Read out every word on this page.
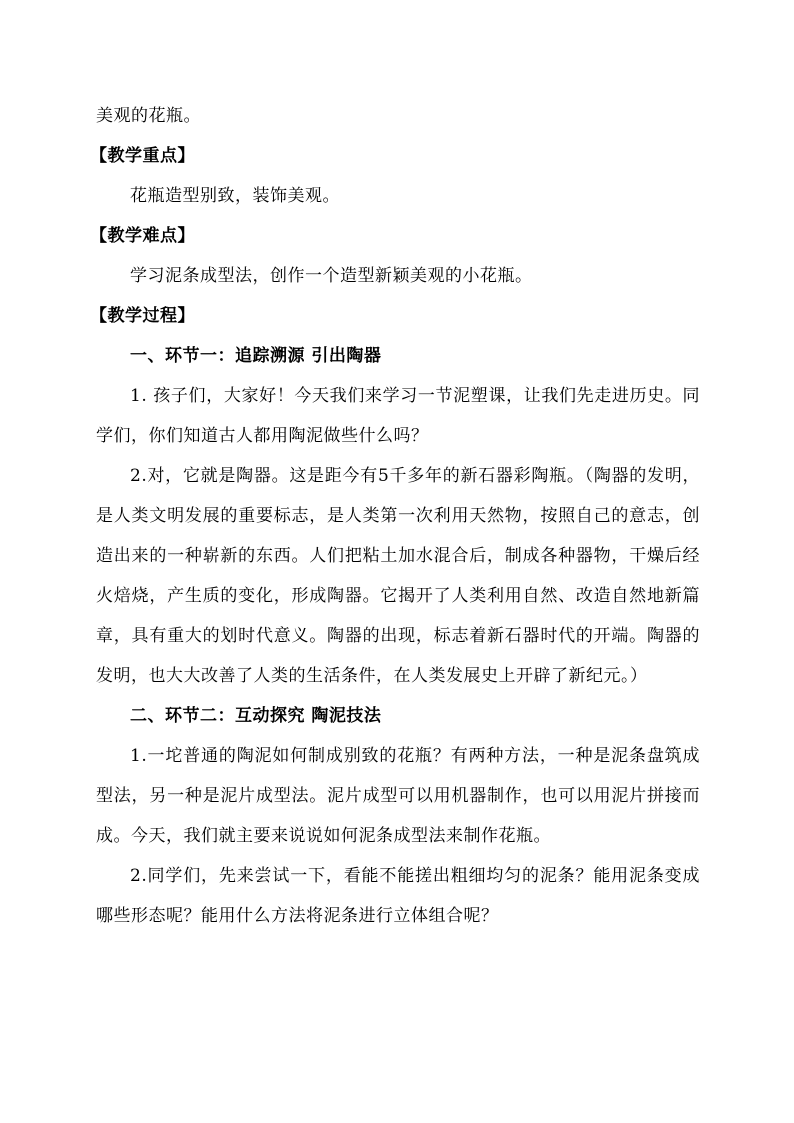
美观的花瓶。

【教学重点】

花瓶造型别致，装饰美观。

【教学难点】

学习泥条成型法，创作一个造型新颖美观的小花瓶。

【教学过程】

一、环节一：追踪溯源 引出陶器

1. 孩子们，大家好！今天我们来学习一节泥塑课，让我们先走进历史。同学们，你们知道古人都用陶泥做些什么吗？

2.对，它就是陶器。这是距今有5千多年的新石器彩陶瓶。（陶器的发明，是人类文明发展的重要标志，是人类第一次利用天然物，按照自己的意志，创造出来的一种崭新的东西。人们把粘土加水混合后，制成各种器物，干燥后经火焙烧，产生质的变化，形成陶器。它揭开了人类利用自然、改造自然地新篇章，具有重大的划时代意义。陶器的出现，标志着新石器时代的开端。陶器的发明，也大大改善了人类的生活条件，在人类发展史上开辟了新纪元。）

二、环节二：互动探究 陶泥技法

1.一坨普通的陶泥如何制成别致的花瓶？有两种方法，一种是泥条盘筑成型法，另一种是泥片成型法。泥片成型可以用机器制作，也可以用泥片拼接而成。今天，我们就主要来说说如何泥条成型法来制作花瓶。

2.同学们，先来尝试一下，看能不能搓出粗细均匀的泥条？能用泥条变成哪些形态呢？能用什么方法将泥条进行立体组合呢？
